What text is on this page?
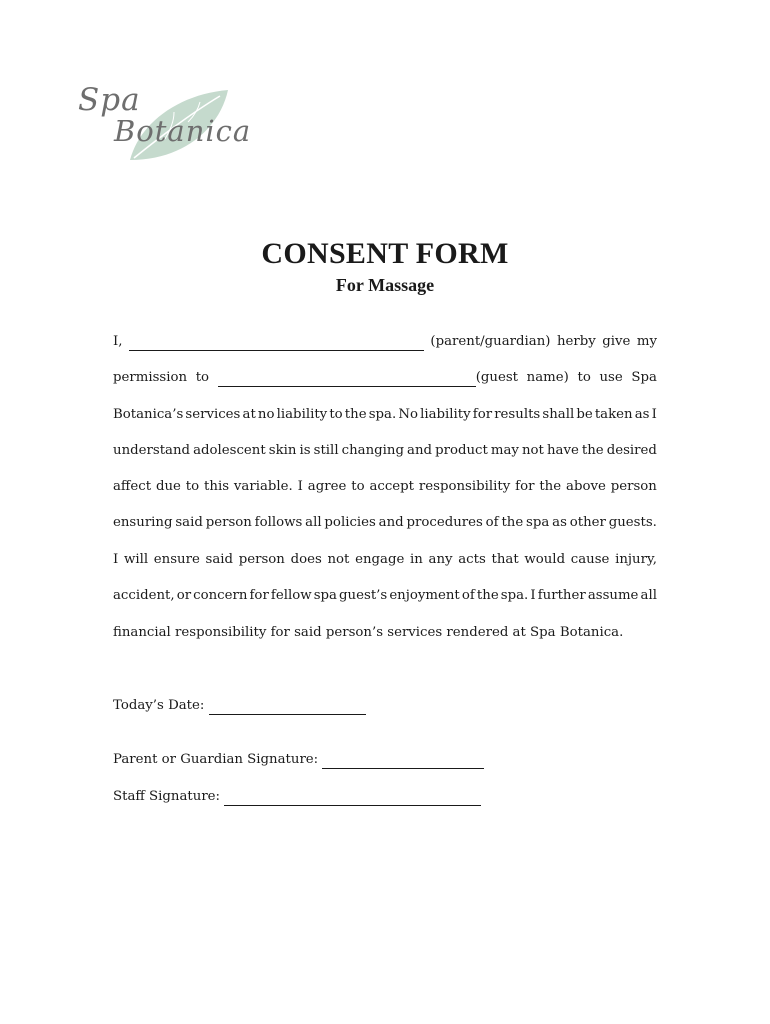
Spa
Botanica
CONSENT FORM
For Massage
I,	(parent/guardian) herby give my
permission to	(guest name) to use Spa
Botanica’s services at no liability to the spa. No liability for results shall be taken as I
understand adolescent skin is still changing and product may not have the desired
affect due to this variable. I agree to accept responsibility for the above person
ensuring said person follows all policies and procedures of the spa as other guests.
I will ensure said person does not engage in any acts that would cause injury,
accident, or concern for fellow spa guest’s enjoyment of the spa. I further assume all
financial responsibility for said person’s services rendered at Spa Botanica.
Today’s Date:

Parent or Guardian Signature:

Staff Signature:
